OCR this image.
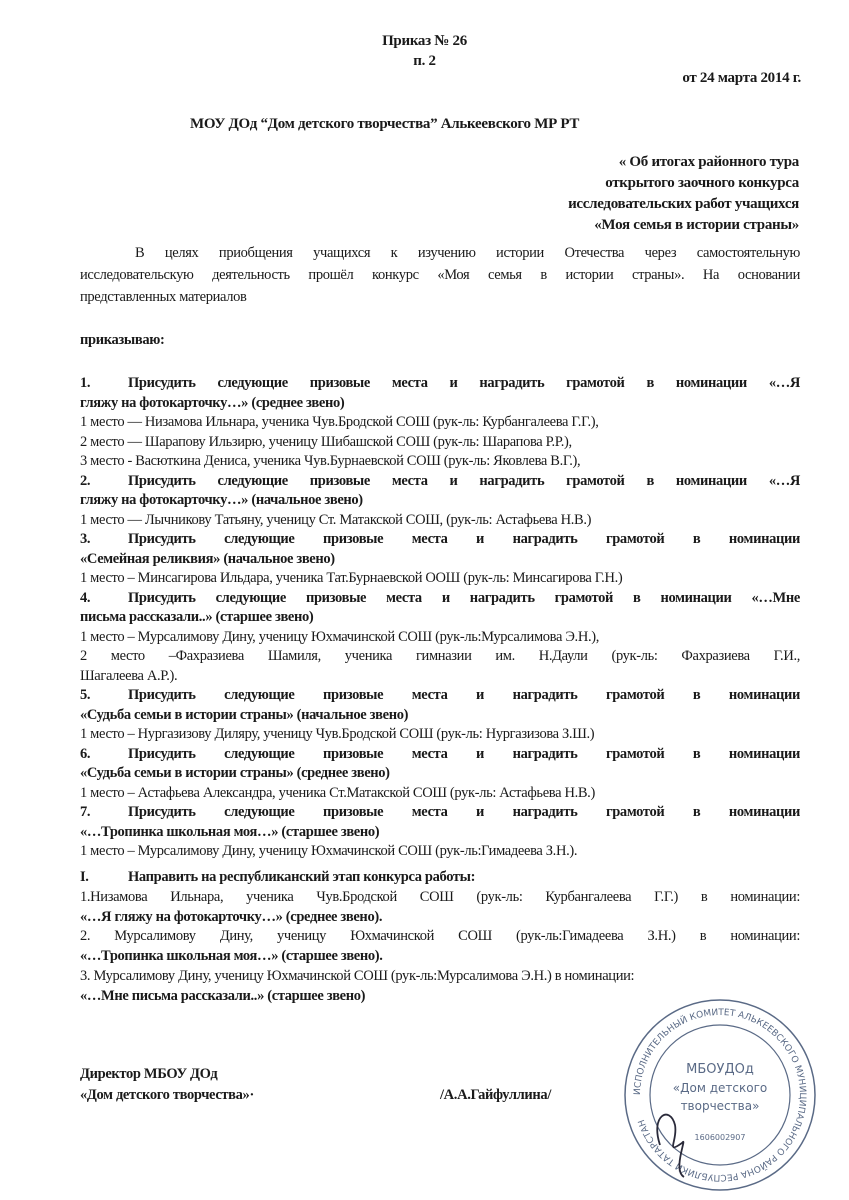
Приказ № 26
п. 2
от 24 марта 2014 г.
МОУ ДОд “Дом детского творчества” Алькеевского МР РТ
« Об итогах районного тура
открытого заочного конкурса
исследовательских работ учащихся
«Моя семья в истории страны»
В целях приобщения учащихся к изучению истории Отечества через самостоятельную
исследовательскую деятельность прошёл конкурс «Моя семья в истории страны». На основании
представленных материалов
приказываю:
1.	Присудить следующие призовые места и наградить грамотой в номинации «…Я
гляжу на фотокарточку…» (среднее звено)
1 место — Низамова Ильнара, ученика Чув.Бродской СОШ (рук-ль: Курбангалеева Г.Г.),
2 место — Шарапову Ильзирю, ученицу Шибашской СОШ (рук-ль: Шарапова Р.Р.),
3 место - Васюткина Дениса, ученика Чув.Бурнаевской СОШ (рук-ль: Яковлева В.Г.),
2.	Присудить следующие призовые места и наградить грамотой в номинации «…Я
гляжу на фотокарточку…» (начальное звено)
1 место — Лычникову Татьяну, ученицу Ст. Матакской СОШ, (рук-ль: Астафьева Н.В.)
3.	Присудить следующие призовые места и наградить грамотой в номинации
«Семейная реликвия» (начальное звено)
1 место – Минсагирова Ильдара, ученика Тат.Бурнаевской ООШ (рук-ль: Минсагирова Г.Н.)
4.	Присудить следующие призовые места и наградить грамотой в номинации «…Мне
письма рассказали..» (старшее звено)
1 место – Мурсалимову Дину, ученицу Юхмачинской СОШ (рук-ль:Мурсалимова Э.Н.),
2 место –Фахразиева Шамиля, ученика гимназии им. Н.Даули (рук-ль: Фахразиева Г.И.,
Шагалеева А.Р.).
5.	Присудить следующие призовые места и наградить грамотой в номинации
«Судьба семьи в истории страны» (начальное звено)
1 место – Нургазизову Диляру, ученицу Чув.Бродской СОШ (рук-ль: Нургазизова З.Ш.)
6.	Присудить следующие призовые места и наградить грамотой в номинации
«Судьба семьи в истории страны» (среднее звено)
1 место – Астафьева Александра, ученика Ст.Матакской СОШ (рук-ль: Астафьева Н.В.)
7.	Присудить следующие призовые места и наградить грамотой в номинации
«…Тропинка школьная моя…» (старшее звено)
1 место – Мурсалимову Дину, ученицу Юхмачинской СОШ (рук-ль:Гимадеева З.Н.).
I.	Направить на республиканский этап конкурса работы:
1.Низамова Ильнара, ученика Чув.Бродской СОШ (рук-ль: Курбангалеева Г.Г.) в номинации:
«…Я гляжу на фотокарточку…» (среднее звено).
2. Мурсалимову Дину, ученицу Юхмачинской СОШ (рук-ль:Гимадеева З.Н.) в номинации:
«…Тропинка школьная моя…» (старшее звено).
3. Мурсалимову Дину, ученицу Юхмачинской СОШ (рук-ль:Мурсалимова Э.Н.) в номинации:
«…Мне письма рассказали..» (старшее звено)
Директор МБОУ ДОд
«Дом детского творчества»·	/А.А.Гайфуллина/	ИСПОЛНИТЕЛЬНЫЙ КОМИТЕТ АЛЬКЕЕВСКОГО МУНИЦИПАЛЬНОГО РАЙОНА РЕСПУБЛИКИ ТАТАРСТАН
МБОУДОд
«Дом детского
творчества»
1606002907
